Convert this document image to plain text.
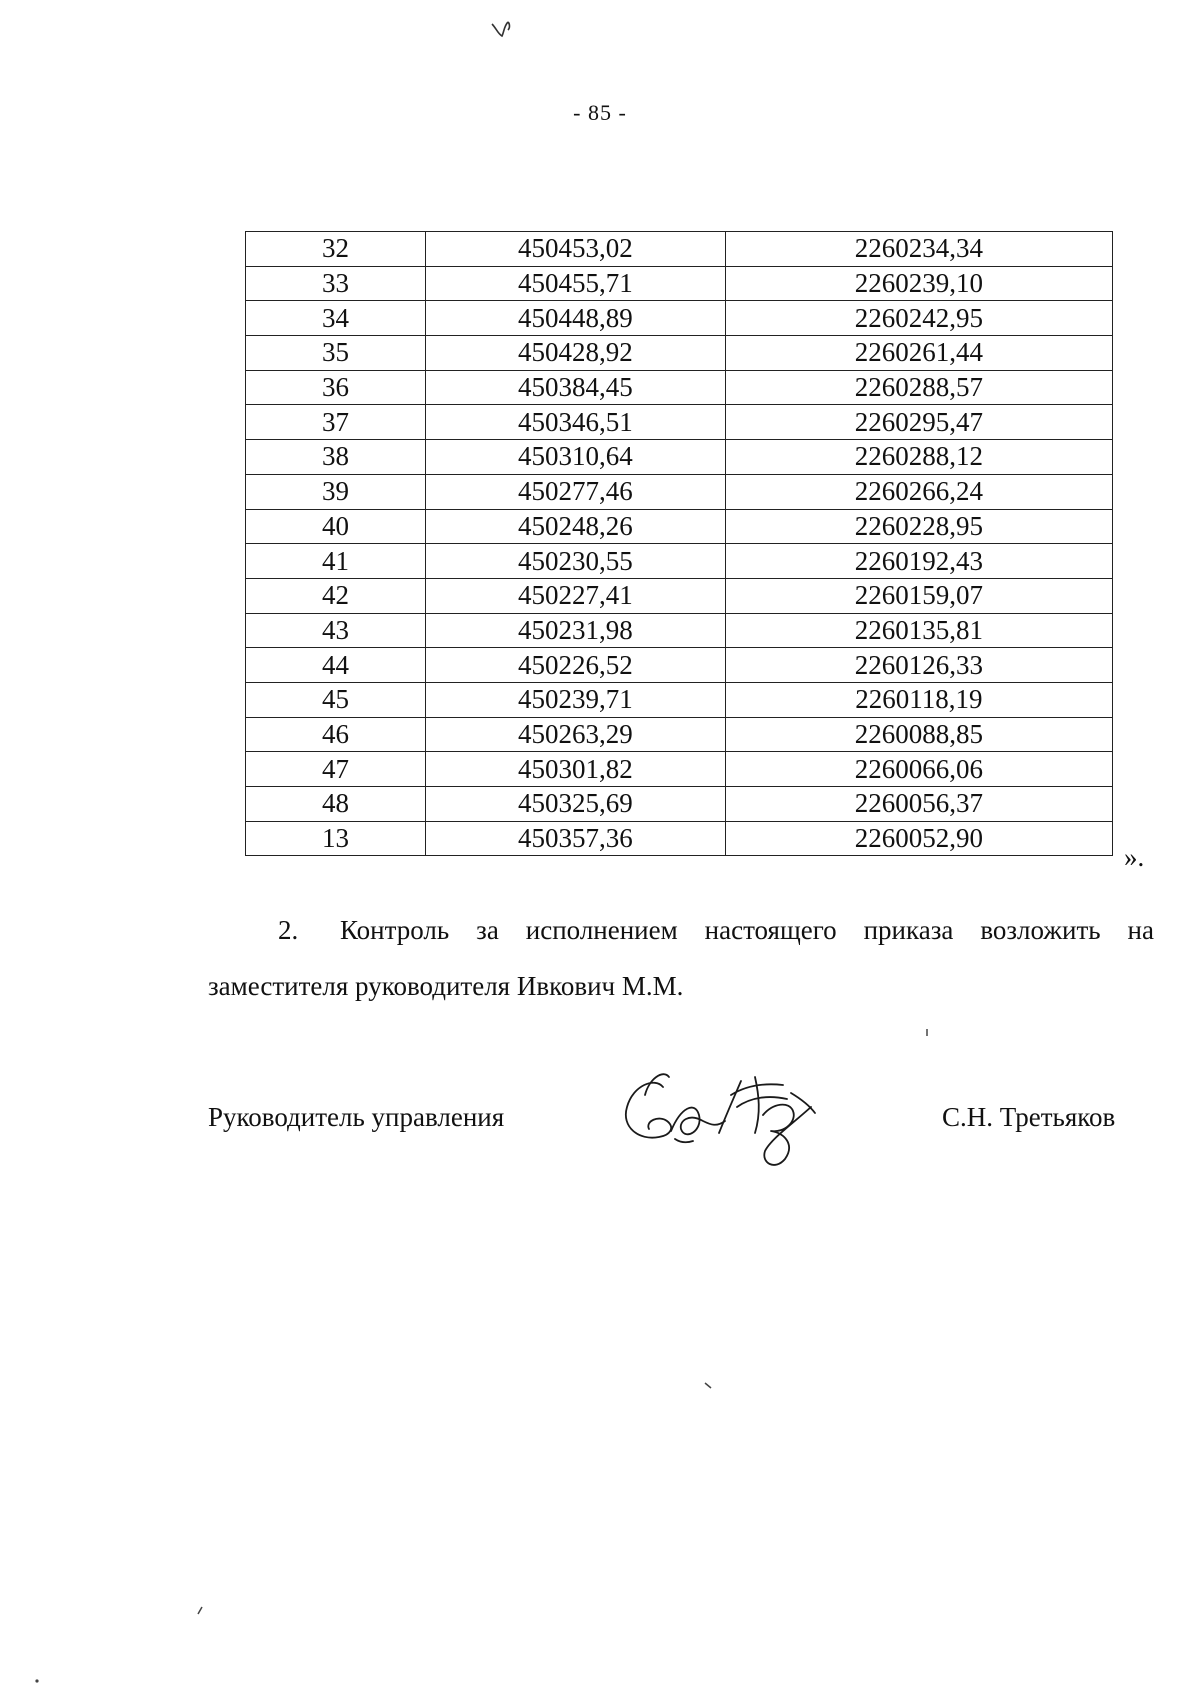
- 85 -
32	450453,02	2260234,34
33	450455,71	2260239,10
34	450448,89	2260242,95
35	450428,92	2260261,44
36	450384,45	2260288,57
37	450346,51	2260295,47
38	450310,64	2260288,12
39	450277,46	2260266,24
40	450248,26	2260228,95
41	450230,55	2260192,43
42	450227,41	2260159,07
43	450231,98	2260135,81
44	450226,52	2260126,33
45	450239,71	2260118,19
46	450263,29	2260088,85
47	450301,82	2260066,06
48	450325,69	2260056,37
13	450357,36	2260052,90
».
2. Контроль за исполнением настоящего приказа возложить на
заместителя руководителя Ивкович М.М.
Руководитель управления	С.Н. Третьяков
